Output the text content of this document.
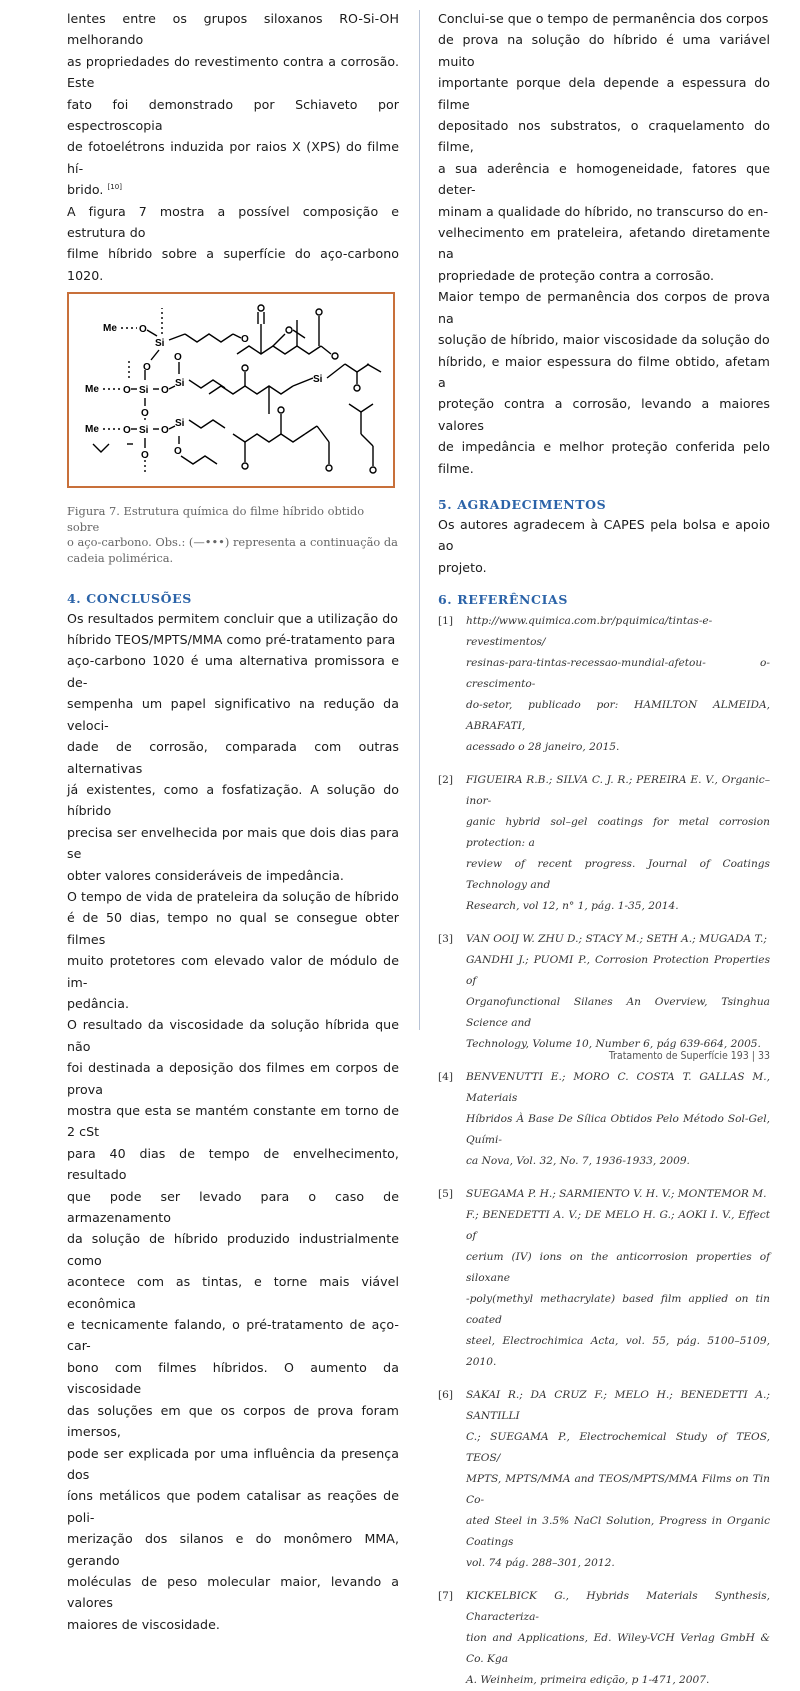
lentes entre os grupos siloxanos RO-Si-OH melhorando
as propriedades do revestimento contra a corrosão. Este
fato foi demonstrado por Schiaveto por espectroscopia
de fotoelétrons induzida por raios X (XPS) do filme hí-
brido. [10]

A figura 7 mostra a possível composição e estrutura do
filme híbrido sobre a superfície do aço-carbono 1020.

Me O
Si	O
O
Me O Si O
Si
O
O
Me O Si O
Si
O	O
Si

Figura 7. Estrutura química do filme híbrido obtido sobre
o aço-carbono. Obs.: (—•••) representa a continuação da
cadeia polimérica.

4. CONCLUSÕES

Os resultados permitem concluir que a utilização do
híbrido TEOS/MPTS/MMA como pré-tratamento para
aço-carbono 1020 é uma alternativa promissora e de-
sempenha um papel significativo na redução da veloci-
dade de corrosão, comparada com outras alternativas
já existentes, como a fosfatização. A solução do híbrido
precisa ser envelhecida por mais que dois dias para se
obter valores consideráveis de impedância.

O tempo de vida de prateleira da solução de híbrido
é de 50 dias, tempo no qual se consegue obter filmes
muito protetores com elevado valor de módulo de im-
pedância.

O resultado da viscosidade da solução híbrida que não
foi destinada a deposição dos filmes em corpos de prova
mostra que esta se mantém constante em torno de 2 cSt
para 40 dias de tempo de envelhecimento, resultado
que pode ser levado para o caso de armazenamento
da solução de híbrido produzido industrialmente como
acontece com as tintas, e torne mais viável econômica
e tecnicamente falando, o pré-tratamento de aço-car-
bono com filmes híbridos. O aumento da viscosidade
das soluções em que os corpos de prova foram imersos,
pode ser explicada por uma influência da presença dos
íons metálicos que podem catalisar as reações de poli-
merização dos silanos e do monômero MMA, gerando
moléculas de peso molecular maior, levando a valores
maiores de viscosidade.

Conclui-se que o tempo de permanência dos corpos
de prova na solução do híbrido é uma variável muito
importante porque dela depende a espessura do filme
depositado nos substratos, o craquelamento do filme,
a sua aderência e homogeneidade, fatores que deter-
minam a qualidade do híbrido, no transcurso do en-
velhecimento em prateleira, afetando diretamente na
propriedade de proteção contra a corrosão.

Maior tempo de permanência dos corpos de prova na
solução de híbrido, maior viscosidade da solução do
híbrido, e maior espessura do filme obtido, afetam a
proteção contra a corrosão, levando a maiores valores
de impedância e melhor proteção conferida pelo filme.

5. AGRADECIMENTOS

Os autores agradecem à CAPES pela bolsa e apoio ao
projeto.

6. REFERÊNCIAS
[1]	http://www.quimica.com.br/pquimica/tintas-e-revestimentos/
resinas-para-tintas-recessao-mundial-afetou- o-crescimento-
do-setor, publicado por: HAMILTON ALMEIDA, ABRAFATI,
acessado o 28 janeiro, 2015.
[2]	FIGUEIRA R.B.; SILVA C. J. R.; PEREIRA E. V., Organic–inor-
ganic hybrid sol–gel coatings for metal corrosion protection: a
review of recent progress. Journal of Coatings Technology and
Research, vol 12, n° 1, pág. 1-35, 2014.
[3]	VAN OOIJ W. ZHU D.; STACY M.; SETH A.; MUGADA T.;
GANDHI J.; PUOMI P., Corrosion Protection Properties of
Organofunctional Silanes An Overview, Tsinghua Science and
Technology, Volume 10, Number 6, pág 639-664, 2005.
[4]	BENVENUTTI E.; MORO C. COSTA T. GALLAS M., Materiais
Híbridos À Base De Sílica Obtidos Pelo Método Sol-Gel, Quími-
ca Nova, Vol. 32, No. 7, 1936-1933, 2009.
[5]	SUEGAMA P. H.; SARMIENTO V. H. V.; MONTEMOR M.
F.; BENEDETTI A. V.; DE MELO H. G.; AOKI I. V., Effect of
cerium (IV) ions on the anticorrosion properties of siloxane
-poly(methyl methacrylate) based film applied on tin coated
steel, Electrochimica Acta, vol. 55, pág. 5100–5109, 2010.
[6]	SAKAI R.; DA CRUZ F.; MELO H.; BENEDETTI A.; SANTILLI
C.; SUEGAMA P., Electrochemical Study of TEOS, TEOS/
MPTS, MPTS/MMA and TEOS/MPTS/MMA Films on Tin Co-
ated Steel in 3.5% NaCl Solution, Progress in Organic Coatings
vol. 74 pág. 288–301, 2012.
[7]	KICKELBICK G., Hybrids Materials Synthesis, Characteriza-
tion and Applications, Ed. Wiley-VCH Verlag GmbH & Co. Kga
A. Weinheim, primeira edição, p 1-471, 2007.
Tratamento de Superfície 193 | 33
